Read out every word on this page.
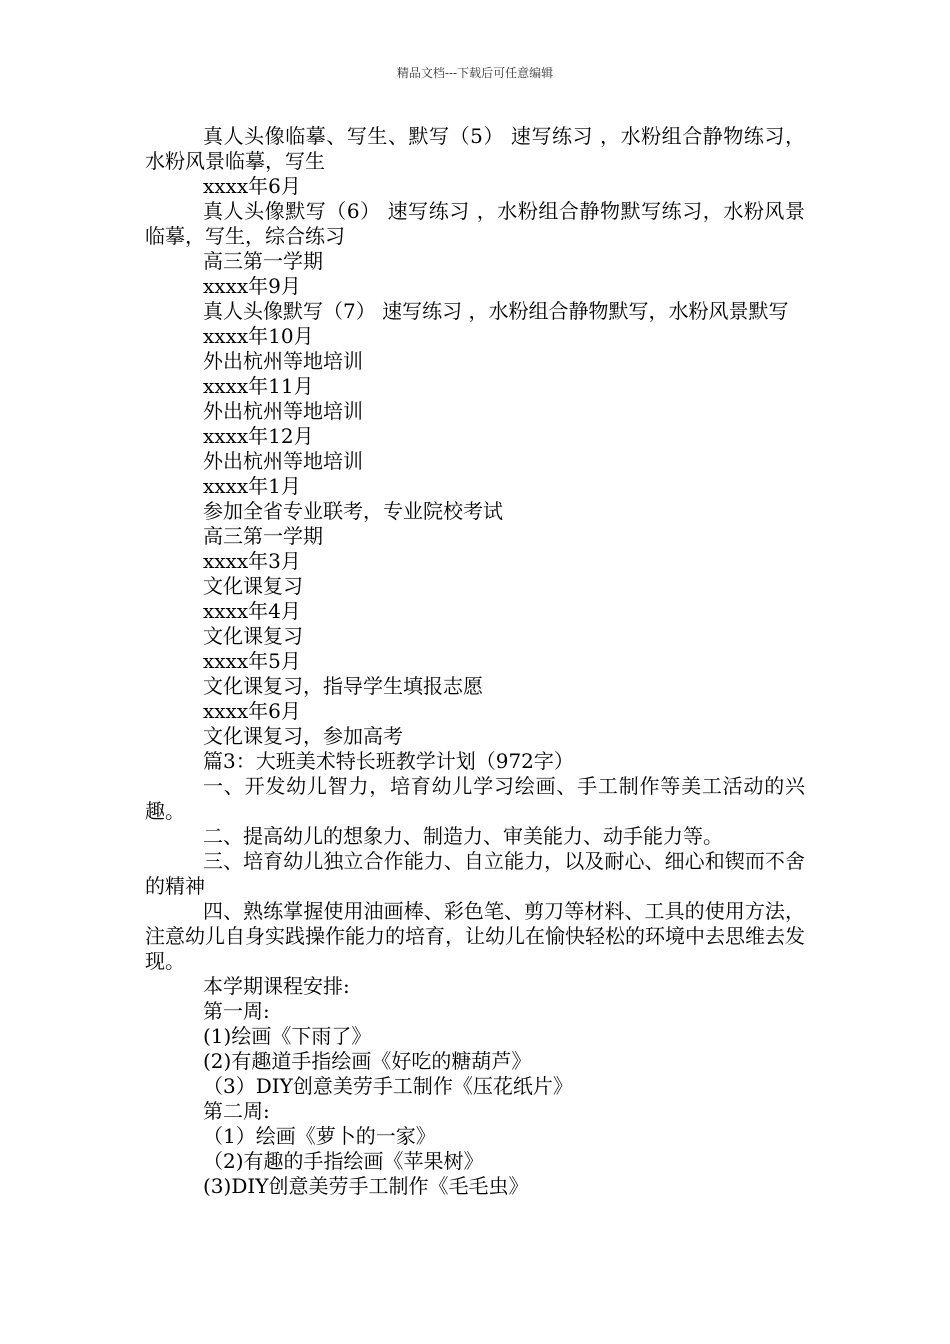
精品文档---下载后可任意编辑

真人头像临摹、写生、默写（5） 速写练习 ，水粉组合静物练习，水粉风景临摹，写生

xxxx年6月

真人头像默写（6） 速写练习 ，水粉组合静物默写练习，水粉风景临摹，写生，综合练习

高三第一学期

xxxx年9月

真人头像默写（7） 速写练习 ，水粉组合静物默写，水粉风景默写

xxxx年10月

外出杭州等地培训

xxxx年11月

外出杭州等地培训

xxxx年12月

外出杭州等地培训

xxxx年1月

参加全省专业联考，专业院校考试

高三第一学期

xxxx年3月

文化课复习

xxxx年4月

文化课复习

xxxx年5月

文化课复习，指导学生填报志愿

xxxx年6月

文化课复习，参加高考

篇3：大班美术特长班教学计划（972字）

一、开发幼儿智力，培育幼儿学习绘画、手工制作等美工活动的兴趣。

二、提高幼儿的想象力、制造力、审美能力、动手能力等。

三、培育幼儿独立合作能力、自立能力，以及耐心、细心和锲而不舍的精神

四、熟练掌握使用油画棒、彩色笔、剪刀等材料、工具的使用方法，注意幼儿自身实践操作能力的培育，让幼儿在愉快轻松的环境中去思维去发现。

本学期课程安排:

第一周:

(1)绘画《下雨了》

(2)有趣道手指绘画《好吃的糖葫芦》

（3）DIY创意美劳手工制作《压花纸片》

第二周:

（1）绘画《萝卜的一家》

（2)有趣的手指绘画《苹果树》

(3)DIY创意美劳手工制作《毛毛虫》
